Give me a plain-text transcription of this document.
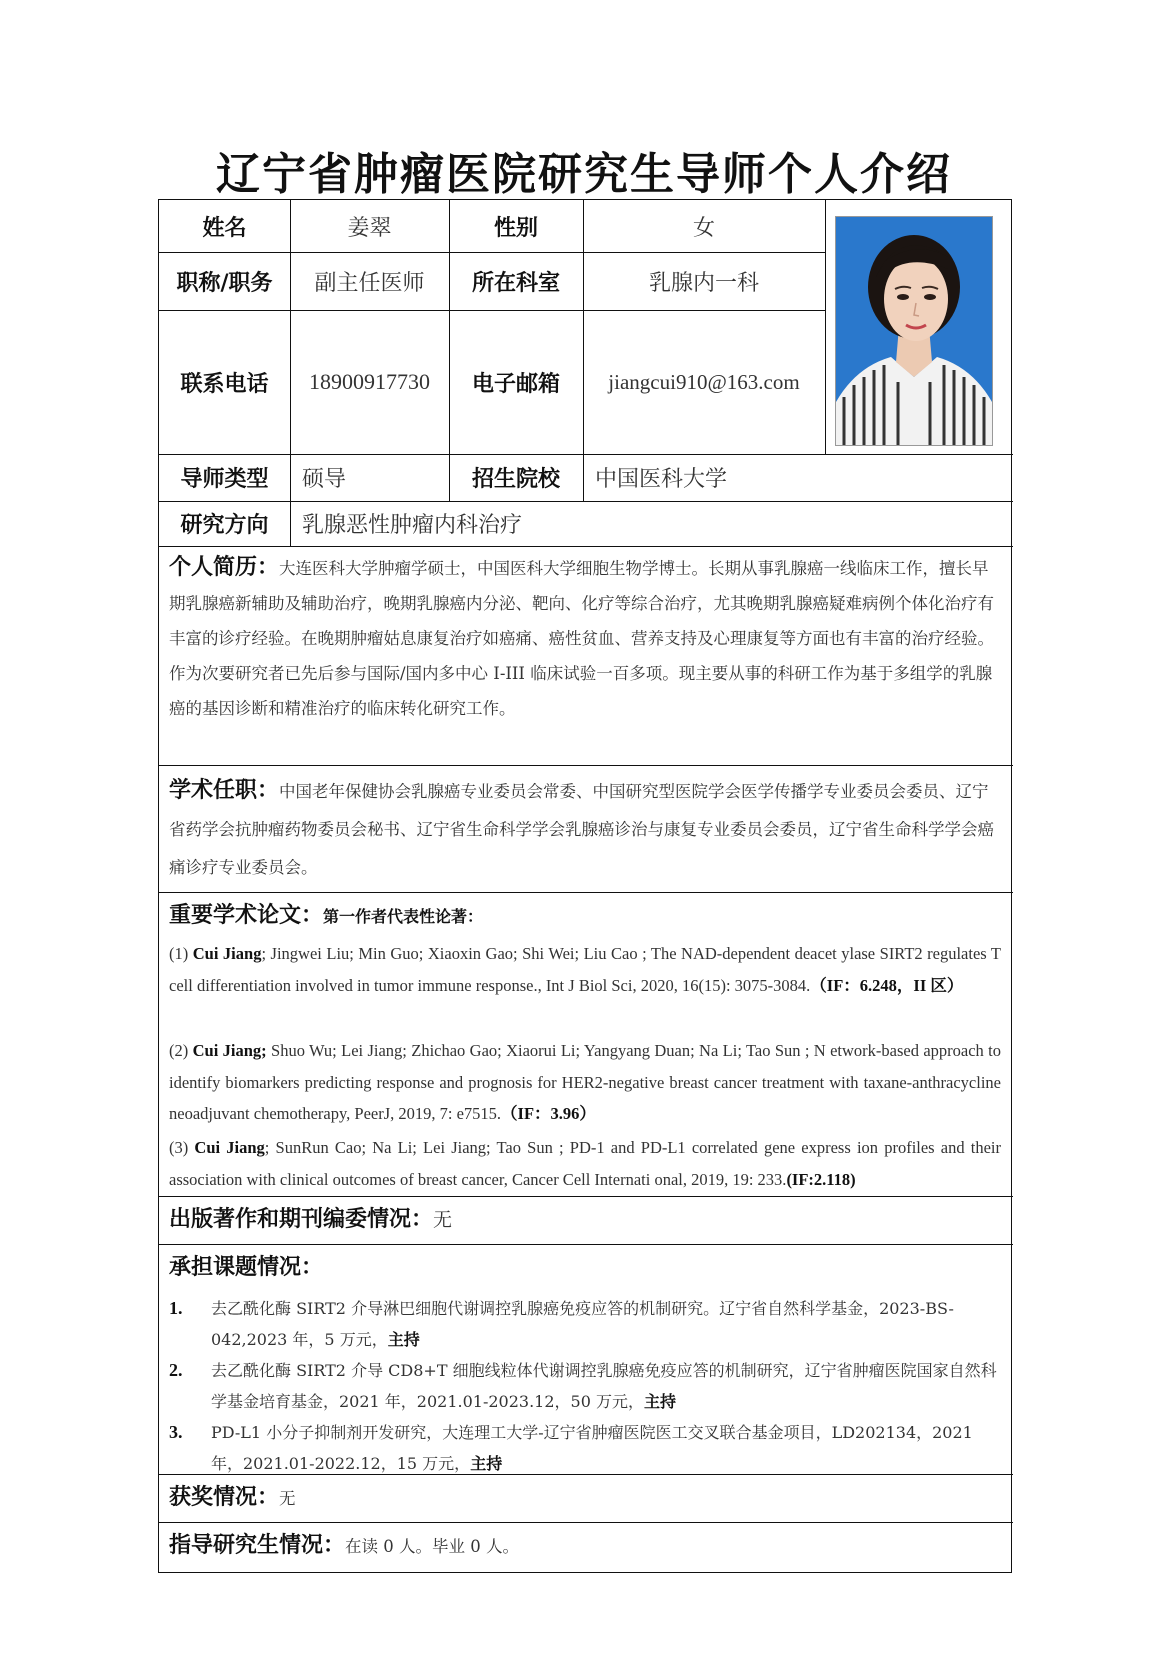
辽宁省肿瘤医院研究生导师个人介绍
姓名	姜翠	性别	女
职称/职务	副主任医师	所在科室	乳腺内一科
联系电话	18900917730	电子邮箱	jiangcui910@163.com
导师类型	硕导	招生院校	中国医科大学
研究方向	乳腺恶性肿瘤内科治疗
个人简历：大连医科大学肿瘤学硕士，中国医科大学细胞生物学博士。长期从事乳腺癌一线临床工作，擅长早期乳腺癌新辅助及辅助治疗，晚期乳腺癌内分泌、靶向、化疗等综合治疗，尤其晚期乳腺癌疑难病例个体化治疗有丰富的诊疗经验。在晚期肿瘤姑息康复治疗如癌痛、癌性贫血、营养支持及心理康复等方面也有丰富的治疗经验。作为次要研究者已先后参与国际/国内多中心 I-III 临床试验一百多项。现主要从事的科研工作为基于多组学的乳腺癌的基因诊断和精准治疗的临床转化研究工作。
学术任职：中国老年保健协会乳腺癌专业委员会常委、中国研究型医院学会医学传播学专业委员会委员、辽宁省药学会抗肿瘤药物委员会秘书、辽宁省生命科学学会乳腺癌诊治与康复专业委员会委员，辽宁省生命科学学会癌痛诊疗专业委员会。
重要学术论文：第一作者代表性论著：
(1) Cui Jiang; Jingwei Liu; Min Guo; Xiaoxin Gao; Shi Wei; Liu Cao ; The NAD-dependent deacet ylase SIRT2 regulates T cell differentiation involved in tumor immune response., Int J Biol Sci, 2020, 16(15): 3075-3084.（IF：6.248，II 区）
(2) Cui Jiang; Shuo Wu; Lei Jiang; Zhichao Gao; Xiaorui Li; Yangyang Duan; Na Li; Tao Sun ; N etwork-based approach to identify biomarkers predicting response and prognosis for HER2-negative breast cancer treatment with taxane-anthracycline neoadjuvant chemotherapy, PeerJ, 2019, 7: e7515.（IF：3.96）
(3) Cui Jiang; SunRun Cao; Na Li; Lei Jiang; Tao Sun ; PD-1 and PD-L1 correlated gene express ion profiles and their association with clinical outcomes of breast cancer, Cancer Cell Internati onal, 2019, 19: 233.(IF:2.118)
出版著作和期刊编委情况：无
承担课题情况：
1. 去乙酰化酶 SIRT2 介导淋巴细胞代谢调控乳腺癌免疫应答的机制研究。辽宁省自然科学基金，2023-BS-042,2023 年，5 万元，主持
2. 去乙酰化酶 SIRT2 介导 CD8+T 细胞线粒体代谢调控乳腺癌免疫应答的机制研究，辽宁省肿瘤医院国家自然科学基金培育基金，2021 年，2021.01-2023.12，50 万元，主持
3. PD-L1 小分子抑制剂开发研究，大连理工大学-辽宁省肿瘤医院医工交叉联合基金项目，LD202134，2021 年，2021.01-2022.12，15 万元，主持
获奖情况：无
指导研究生情况：在读 0 人。毕业 0 人。
